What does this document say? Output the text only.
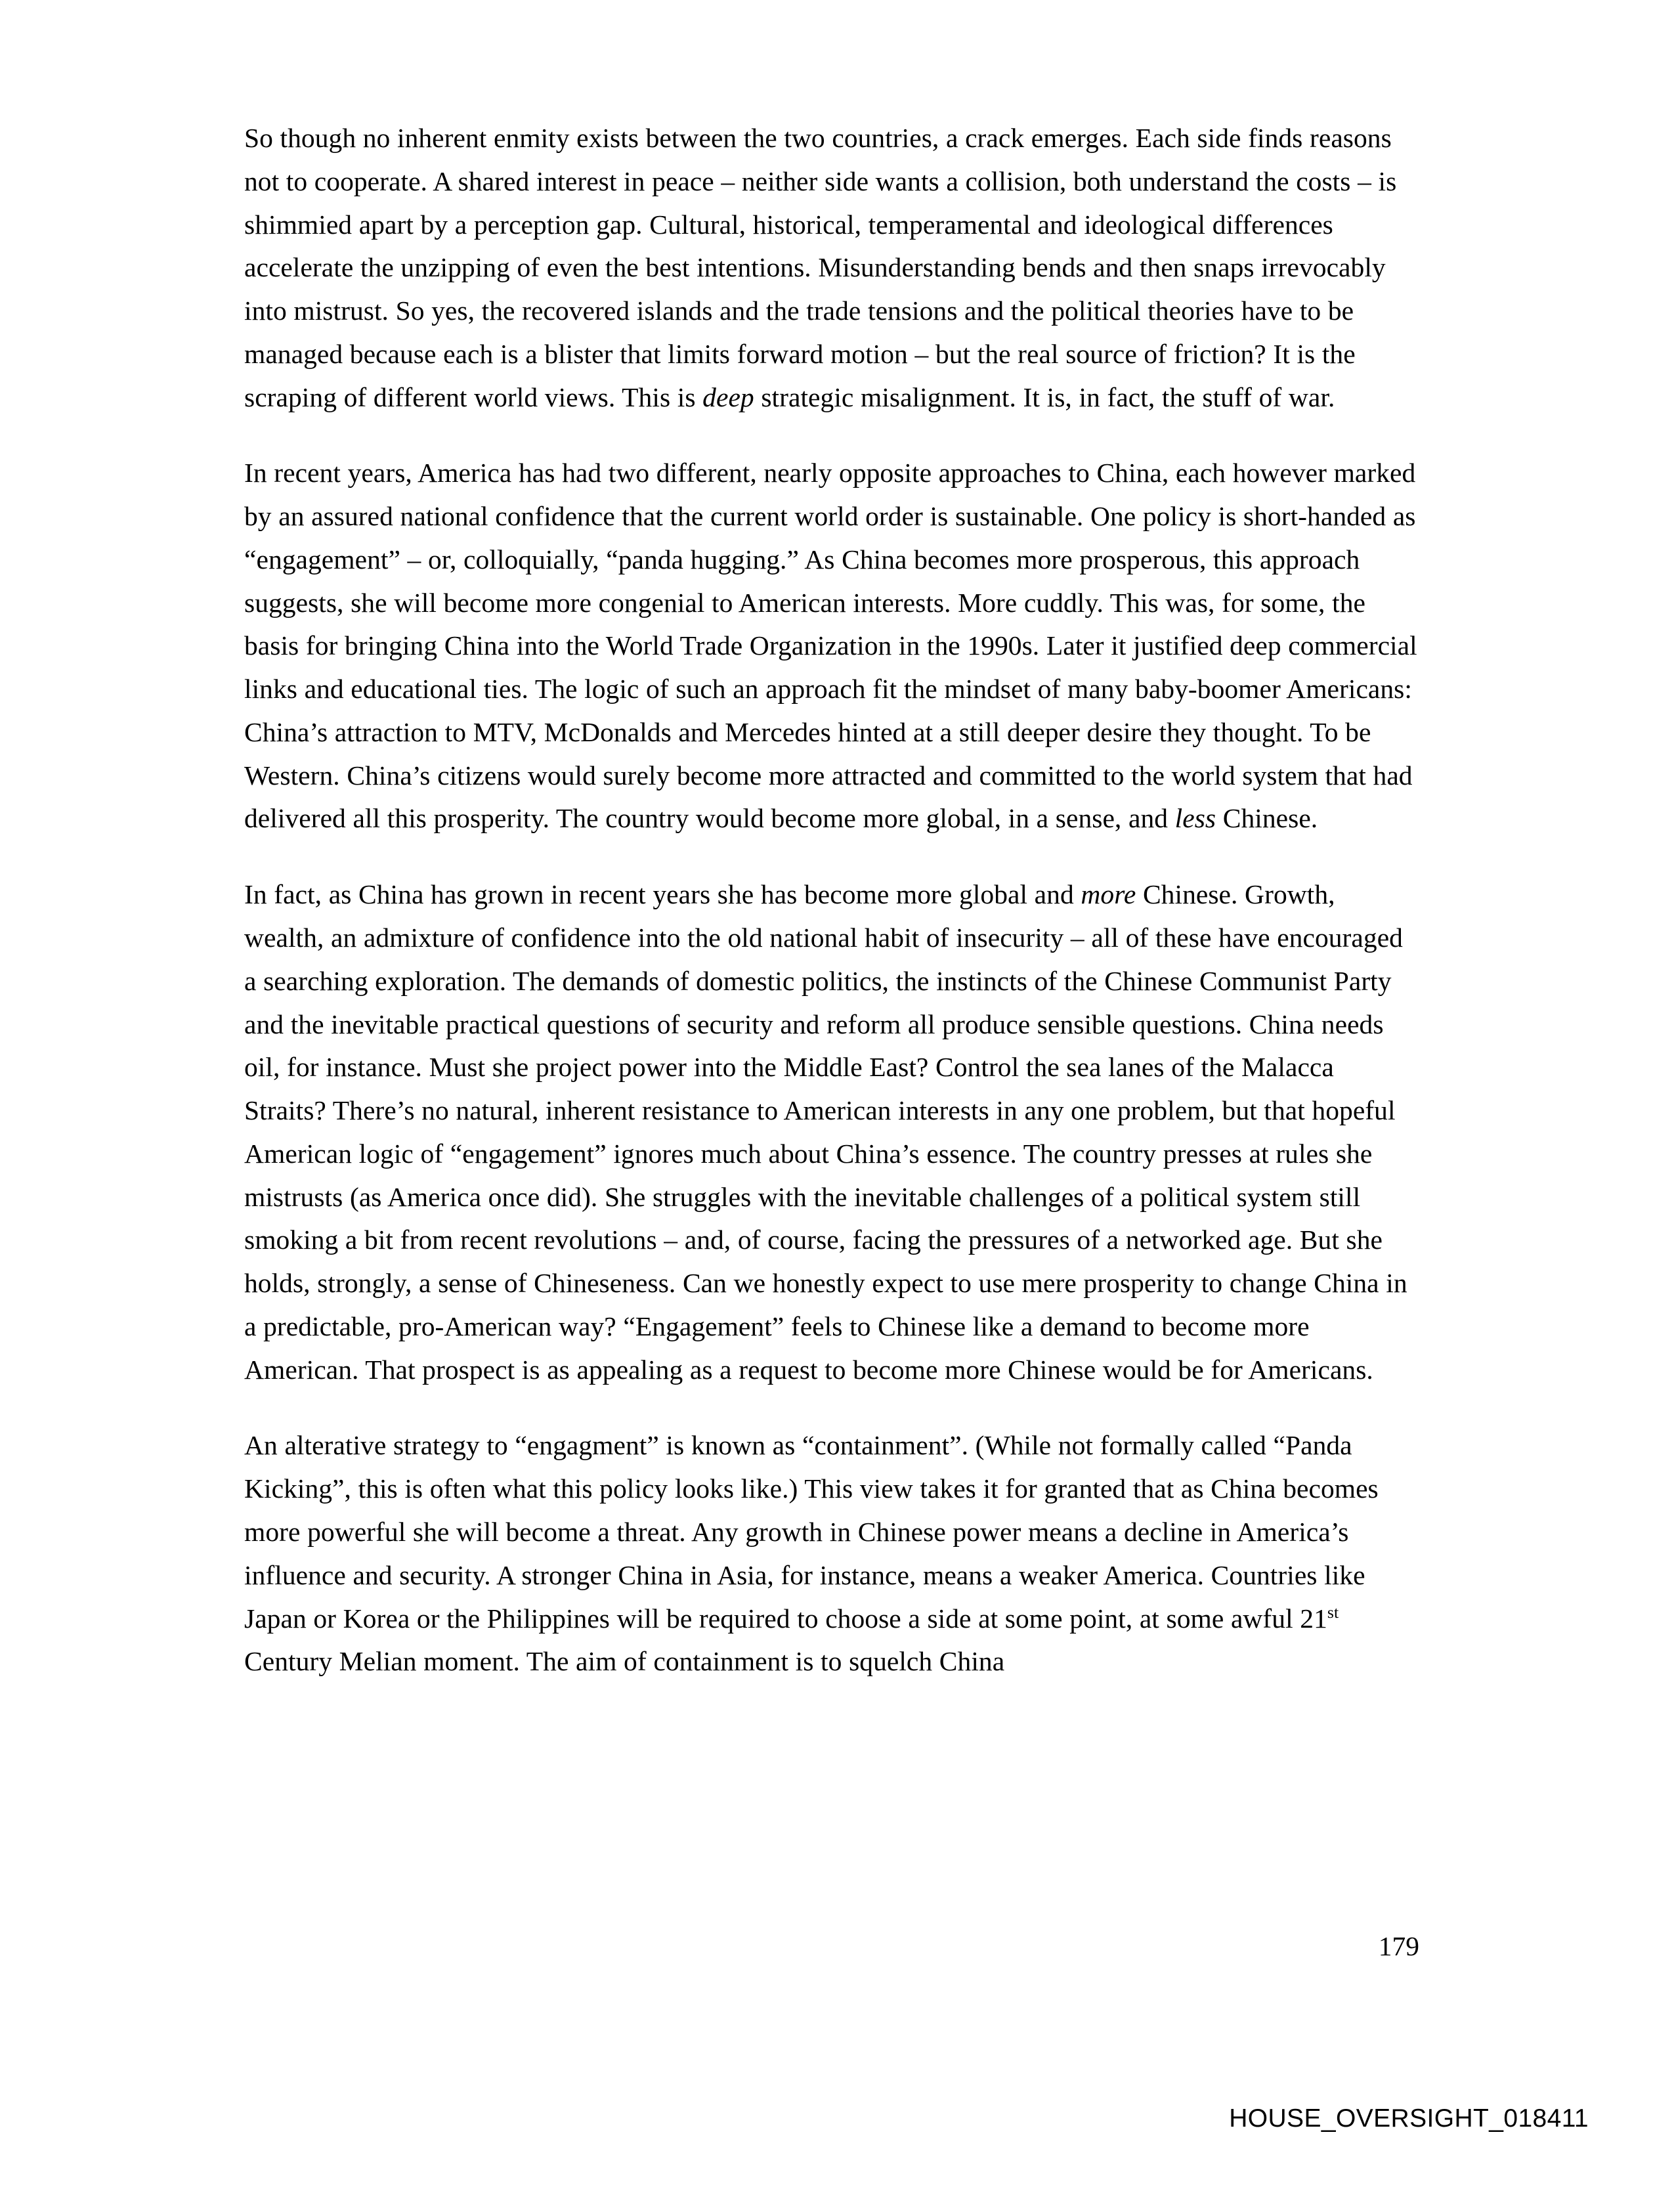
So though no inherent enmity exists between the two countries, a crack emerges. Each side finds reasons not to cooperate. A shared interest in peace – neither side wants a collision, both understand the costs – is shimmied apart by a perception gap. Cultural, historical, temperamental and ideological differences accelerate the unzipping of even the best intentions. Misunderstanding bends and then snaps irrevocably into mistrust. So yes, the recovered islands and the trade tensions and the political theories have to be managed because each is a blister that limits forward motion – but the real source of friction? It is the scraping of different world views. This is deep strategic misalignment. It is, in fact, the stuff of war.

In recent years, America has had two different, nearly opposite approaches to China, each however marked by an assured national confidence that the current world order is sustainable. One policy is short-handed as “engagement” – or, colloquially, “panda hugging.” As China becomes more prosperous, this approach suggests, she will become more congenial to American interests. More cuddly. This was, for some, the basis for bringing China into the World Trade Organization in the 1990s. Later it justified deep commercial links and educational ties. The logic of such an approach fit the mindset of many baby-boomer Americans: China’s attraction to MTV, McDonalds and Mercedes hinted at a still deeper desire they thought. To be Western. China’s citizens would surely become more attracted and committed to the world system that had delivered all this prosperity. The country would become more global, in a sense, and less Chinese.

In fact, as China has grown in recent years she has become more global and more Chinese. Growth, wealth, an admixture of confidence into the old national habit of insecurity – all of these have encouraged a searching exploration. The demands of domestic politics, the instincts of the Chinese Communist Party and the inevitable practical questions of security and reform all produce sensible questions. China needs oil, for instance. Must she project power into the Middle East? Control the sea lanes of the Malacca Straits? There’s no natural, inherent resistance to American interests in any one problem, but that hopeful American logic of “engagement” ignores much about China’s essence. The country presses at rules she mistrusts (as America once did). She struggles with the inevitable challenges of a political system still smoking a bit from recent revolutions – and, of course, facing the pressures of a networked age. But she holds, strongly, a sense of Chineseness. Can we honestly expect to use mere prosperity to change China in a predictable, pro-American way? “Engagement” feels to Chinese like a demand to become more American. That prospect is as appealing as a request to become more Chinese would be for Americans.

An alterative strategy to “engagment” is known as “containment”. (While not formally called “Panda Kicking”, this is often what this policy looks like.) This view takes it for granted that as China becomes more powerful she will become a threat. Any growth in Chinese power means a decline in America’s influence and security. A stronger China in Asia, for instance, means a weaker America. Countries like Japan or Korea or the Philippines will be required to choose a side at some point, at some awful 21st Century Melian moment. The aim of containment is to squelch China

179
HOUSE_OVERSIGHT_018411
